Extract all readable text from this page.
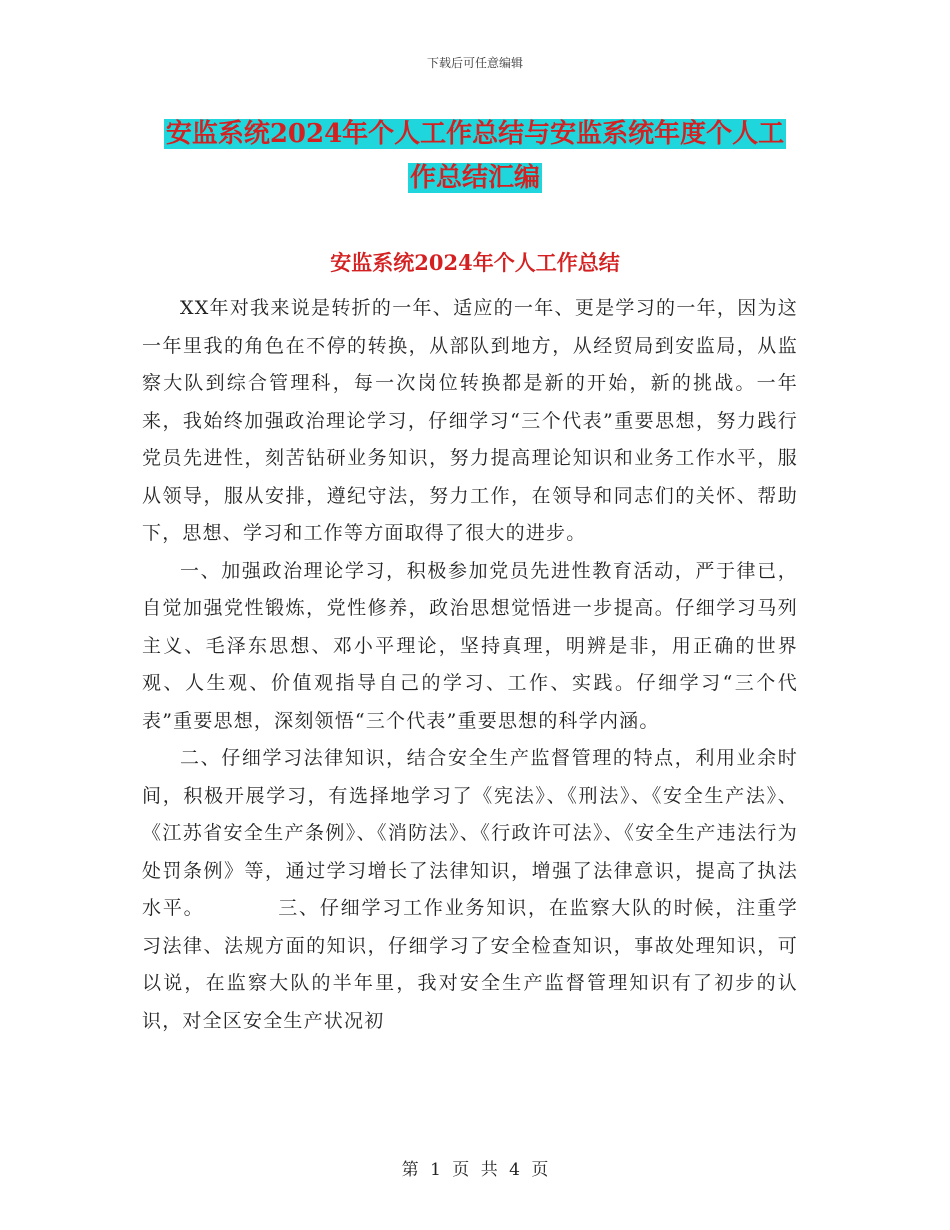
下载后可任意编辑
安监系统2024年个人工作总结与安监系统年度个人工
作总结汇编
安监系统2024年个人工作总结

XX年对我来说是转折的一年、适应的一年、更是学习的一年，因为这一年里我的角色在不停的转换，从部队到地方，从经贸局到安监局，从监察大队到综合管理科，每一次岗位转换都是新的开始，新的挑战。一年来，我始终加强政治理论学习，仔细学习“三个代表”重要思想，努力践行党员先进性，刻苦钻研业务知识，努力提高理论知识和业务工作水平，服从领导，服从安排，遵纪守法，努力工作，在领导和同志们的关怀、帮助下，思想、学习和工作等方面取得了很大的进步。

一、加强政治理论学习，积极参加党员先进性教育活动，严于律已，自觉加强党性锻炼，党性修养，政治思想觉悟进一步提高。仔细学习马列主义、毛泽东思想、邓小平理论，坚持真理，明辨是非，用正确的世界观、人生观、价值观指导自己的学习、工作、实践。仔细学习“三个代表”重要思想，深刻领悟“三个代表”重要思想的科学内涵。

二、仔细学习法律知识，结合安全生产监督管理的特点，利用业余时间，积极开展学习，有选择地学习了《宪法》、《刑法》、《安全生产法》、《江苏省安全生产条例》、《消防法》、《行政许可法》、《安全生产违法行为处罚条例》等，通过学习增长了法律知识，增强了法律意识，提高了执法水平。　　　　三、仔细学习工作业务知识，在监察大队的时候，注重学习法律、法规方面的知识，仔细学习了安全检查知识，事故处理知识，可以说，在监察大队的半年里，我对安全生产监督管理知识有了初步的认识，对全区安全生产状况初

第 1 页 共 4 页
